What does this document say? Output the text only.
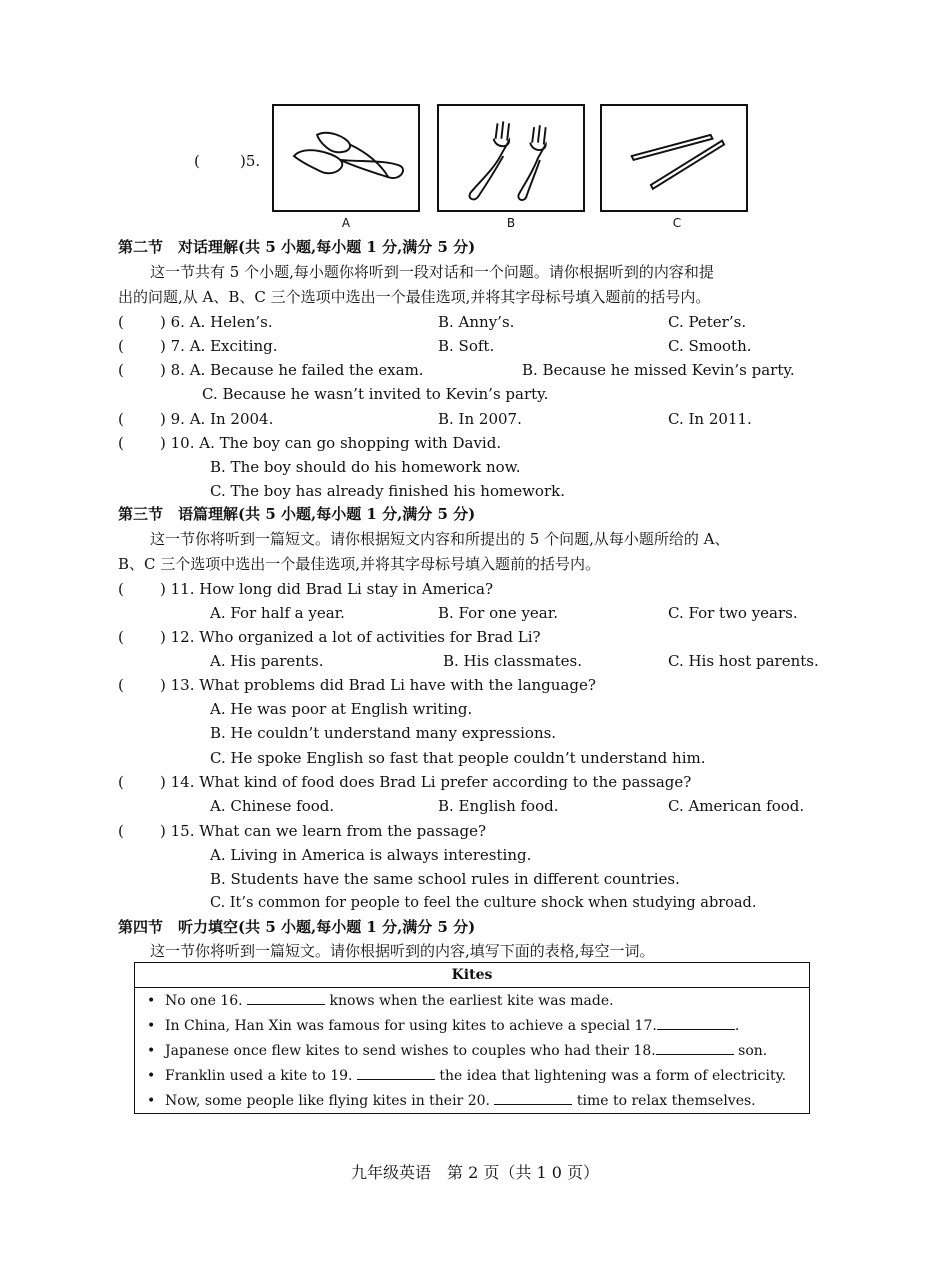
(	)5.
A	B	C
第二节　对话理解(共 5 小题,每小题 1 分,满分 5 分)
这一节共有 5 个小题,每小题你将听到一段对话和一个问题。请你根据听到的内容和提
出的问题,从 A、B、C 三个选项中选出一个最佳选项,并将其字母标号填入题前的括号内。
( ) 6. A. Helen’s.	B. Anny’s.	C. Peter’s.
( ) 7. A. Exciting.	B. Soft.	C. Smooth.
( ) 8. A. Because he failed the exam.	B. Because he missed Kevin’s party.
C. Because he wasn’t invited to Kevin’s party.
( ) 9. A. In 2004.	B. In 2007.	C. In 2011.
( ) 10. A. The boy can go shopping with David.
B. The boy should do his homework now.
C. The boy has already finished his homework.
第三节　语篇理解(共 5 小题,每小题 1 分,满分 5 分)
这一节你将听到一篇短文。请你根据短文内容和所提出的 5 个问题,从每小题所给的 A、
B、C 三个选项中选出一个最佳选项,并将其字母标号填入题前的括号内。
( ) 11. How long did Brad Li stay in America?
A. For half a year.	B. For one year.	C. For two years.
( ) 12. Who organized a lot of activities for Brad Li?
A. His parents.	B. His classmates.	C. His host parents.
( ) 13. What problems did Brad Li have with the language?
A. He was poor at English writing.
B. He couldn’t understand many expressions.
C. He spoke English so fast that people couldn’t understand him.
( ) 14. What kind of food does Brad Li prefer according to the passage?
A. Chinese food.	B. English food.	C. American food.
( ) 15. What can we learn from the passage?
A. Living in America is always interesting.
B. Students have the same school rules in different countries.
C. It’s common for people to feel the culture shock when studying abroad.
第四节　听力填空(共 5 小题,每小题 1 分,满分 5 分)
这一节你将听到一篇短文。请你根据听到的内容,填写下面的表格,每空一词。
Kites
• No one 16.	knows when the earliest kite was made.
• In China, Han Xin was famous for using kites to achieve a special 17.	.
• Japanese once flew kites to send wishes to couples who had their 18.	son.
• Franklin used a kite to 19.	the idea that lightening was a form of electricity.
• Now, some people like flying kites in their 20.	time to relax themselves.
九年级英语　第 2 页（共 1 0 页）
